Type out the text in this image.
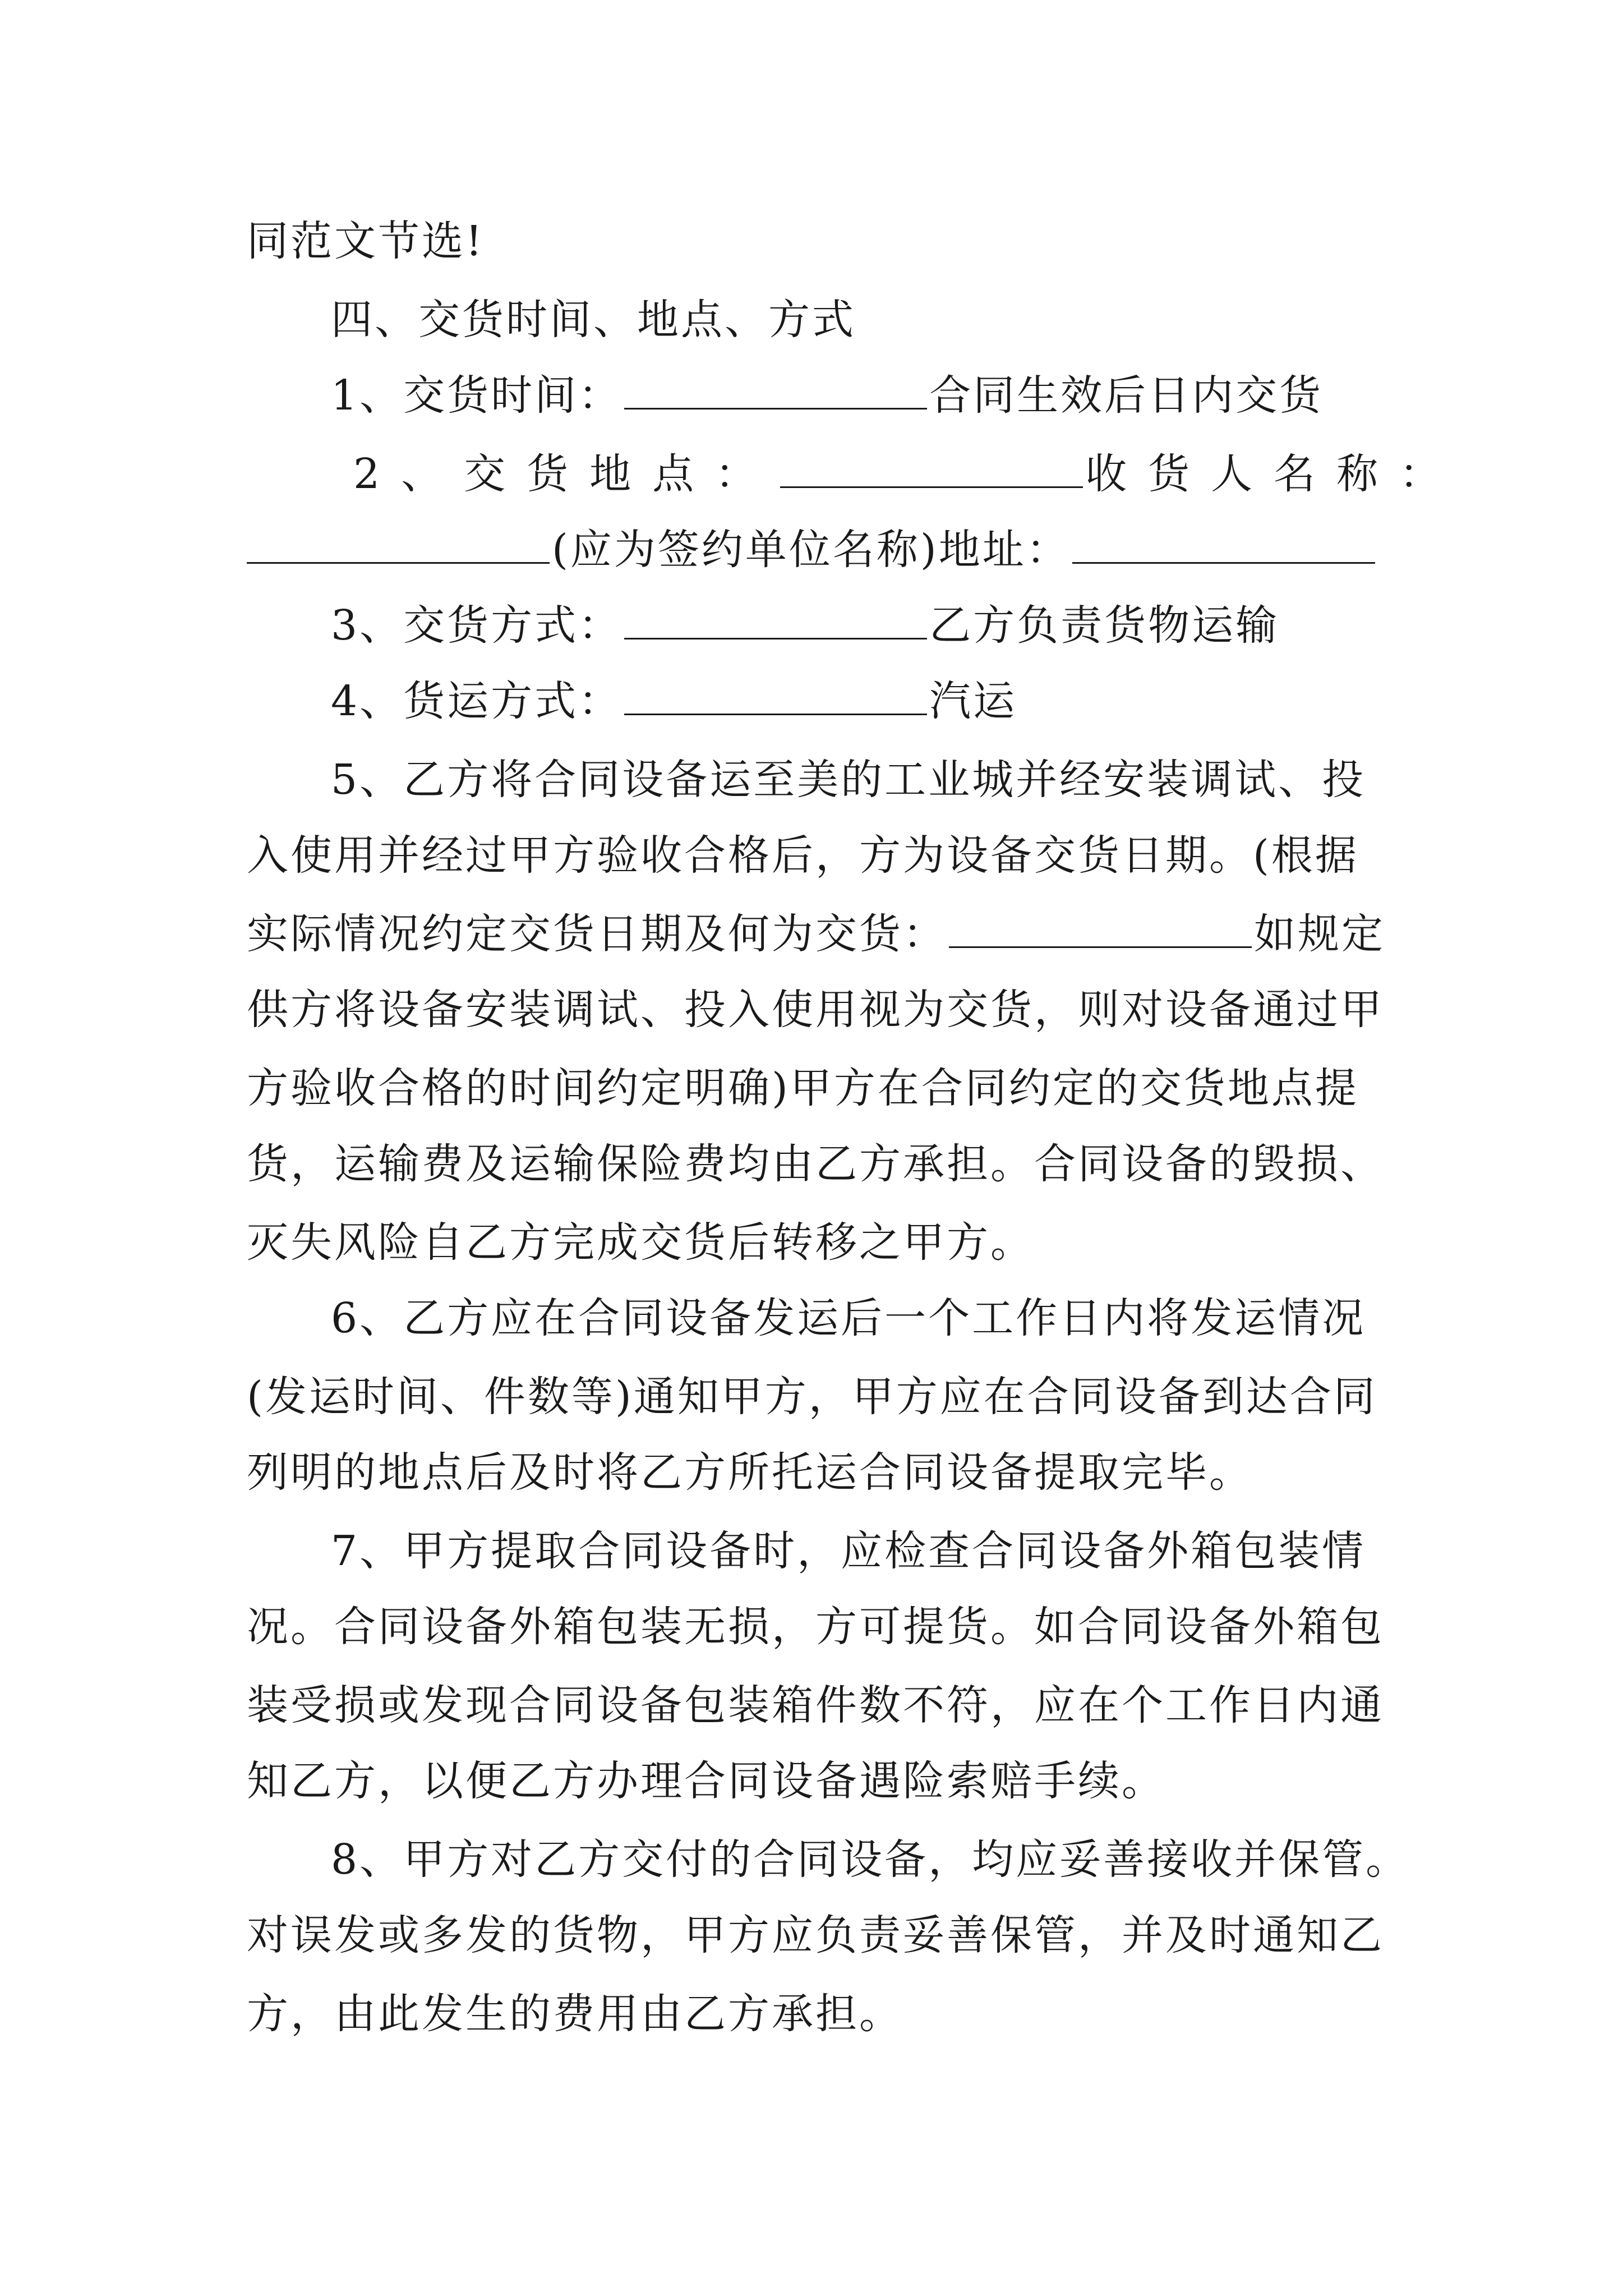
同范文节选!
四、交货时间、地点、方式
1、交货时间：	合同生效后日内交货
2、交货地点：	收货人名称：
(应为签约单位名称)地址：
3、交货方式：	乙方负责货物运输
4、货运方式：	汽运
5、乙方将合同设备运至美的工业城并经安装调试、投
入使用并经过甲方验收合格后，方为设备交货日期。(根据
实际情况约定交货日期及何为交货：	如规定
供方将设备安装调试、投入使用视为交货，则对设备通过甲
方验收合格的时间约定明确)甲方在合同约定的交货地点提
货，运输费及运输保险费均由乙方承担。合同设备的毁损、
灭失风险自乙方完成交货后转移之甲方。
6、乙方应在合同设备发运后一个工作日内将发运情况
(发运时间、件数等)通知甲方，甲方应在合同设备到达合同
列明的地点后及时将乙方所托运合同设备提取完毕。
7、甲方提取合同设备时，应检查合同设备外箱包装情
况。合同设备外箱包装无损，方可提货。如合同设备外箱包
装受损或发现合同设备包装箱件数不符，应在个工作日内通
知乙方，以便乙方办理合同设备遇险索赔手续。
8、甲方对乙方交付的合同设备，均应妥善接收并保管。
对误发或多发的货物，甲方应负责妥善保管，并及时通知乙
方，由此发生的费用由乙方承担。
